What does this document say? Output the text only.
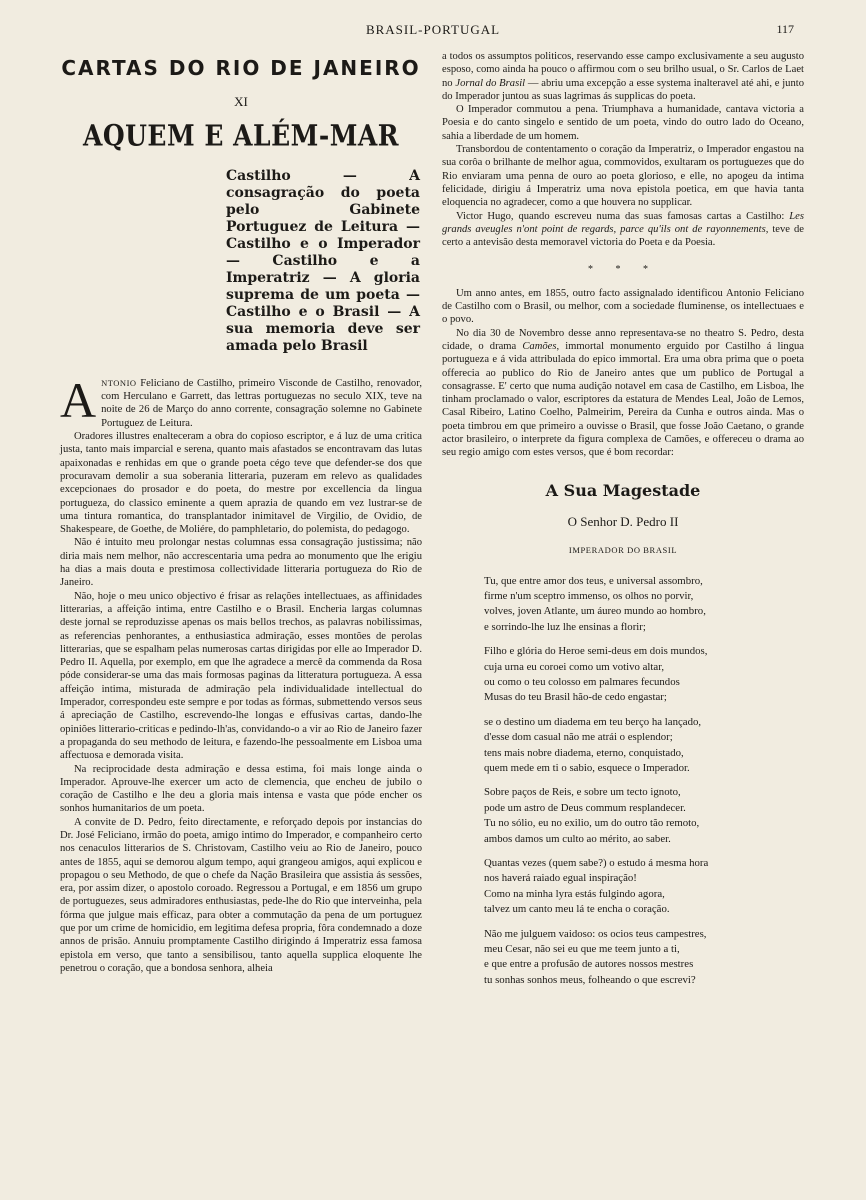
BRASIL-PORTUGAL	117
CARTAS DO RIO DE JANEIRO
XI
AQUEM E ALÉM-MAR
Castilho — A consagração do poeta pelo Gabinete Portuguez de Leitura — Castilho e o Imperador — Castilho e a Imperatriz — A gloria suprema de um poeta — Castilho e o Brasil — A sua memoria deve ser amada pelo Brasil

ANTONIO Feliciano de Castilho, primeiro Visconde de Castilho, renovador, com Herculano e Garrett, das lettras portuguezas no seculo XIX, teve na noite de 26 de Março do anno corrente, consagração solemne no Gabinete Portuguez de Leitura.

Oradores illustres enalteceram a obra do copioso escriptor, e á luz de uma critica justa, tanto mais imparcial e serena, quanto mais afastados se encontravam das lutas apaixonadas e renhidas em que o grande poeta cégo teve que defender-se dos que procuravam demolir a sua soberania litteraria, puzeram em relevo as qualidades excepcionaes do prosador e do poeta, do mestre por excellencia da lingua portugueza, do classico eminente a quem aprazia de quando em vez lustrar-se de uma tintura romantica, do transplantador inimitavel de Virgilio, de Ovidio, de Shakespeare, de Goethe, de Moliére, do pamphletario, do polemista, do pedagogo.

Não é intuito meu prolongar nestas columnas essa consagração justissima; não diria mais nem melhor, não accrescentaria uma pedra ao monumento que lhe erigiu ha dias a mais douta e prestimosa collectividade litteraria portugueza do Rio de Janeiro.

Não, hoje o meu unico objectivo é frisar as relações intellectuaes, as affinidades litterarias, a affeição intima, entre Castilho e o Brasil. Encheria largas columnas deste jornal se reproduzisse apenas os mais bellos trechos, as palavras nobilissimas, as referencias penhorantes, a enthusiastica admiração, esses montões de perolas litterarias, que se espalham pelas numerosas cartas dirigidas por elle ao Imperador D. Pedro II. Aquella, por exemplo, em que lhe agradece a mercê da commenda da Rosa póde considerar-se uma das mais formosas paginas da litteratura portugueza. A essa affeição intima, misturada de admiração pela individualidade intellectual do Imperador, correspondeu este sempre e por todas as fórmas, submettendo versos seus á apreciação de Castilho, escrevendo-lhe longas e effusivas cartas, dando-lhe opiniões litterario-criticas e pedindo-lh'as, convidando-o a vir ao Rio de Janeiro fazer a propaganda do seu methodo de leitura, e fazendo-lhe pessoalmente em Lisboa uma affectuosa e demorada visita.

Na reciprocidade desta admiração e dessa estima, foi mais longe ainda o Imperador. Aprouve-lhe exercer um acto de clemencia, que encheu de jubilo o coração de Castilho e lhe deu a gloria mais intensa e vasta que póde encher os sonhos humanitarios de um poeta.

A convite de D. Pedro, feito directamente, e reforçado depois por instancias do Dr. José Feliciano, irmão do poeta, amigo intimo do Imperador, e companheiro certo nos cenaculos litterarios de S. Christovam, Castilho veiu ao Rio de Janeiro, pouco antes de 1855, aqui se demorou algum tempo, aqui grangeou amigos, aqui explicou e propagou o seu Methodo, de que o chefe da Nação Brasileira que assistia ás sessões, era, por assim dizer, o apostolo coroado. Regressou a Portugal, e em 1856 um grupo de portuguezes, seus admiradores enthusiastas, pede-lhe do Rio que interveinha, pela fórma que julgue mais efficaz, para obter a commutação da pena de um portuguez que por um crime de homicidio, em legitima defesa propria, fôra condemnado a doze annos de prisão. Annuiu promptamente Castilho dirigindo á Imperatriz essa famosa epistola em verso, que tanto a sensibilisou, tanto aquella supplica eloquente lhe penetrou o coração, que a bondosa senhora, alheia

a todos os assumptos politicos, reservando esse campo exclusivamente a seu augusto esposo, como ainda ha pouco o affirmou com o seu brilho usual, o Sr. Carlos de Laet no Jornal do Brasil — abriu uma excepção a esse systema inalteravel até ahi, e junto do Imperador juntou as suas lagrimas ás supplicas do poeta.

O Imperador commutou a pena. Triumphava a humanidade, cantava victoria a Poesia e do canto singelo e sentido de um poeta, vindo do outro lado do Oceano, sahia a liberdade de um homem.

Transbordou de contentamento o coração da Imperatriz, o Imperador engastou na sua corôa o brilhante de melhor agua, commovidos, exultaram os portuguezes que do Rio enviaram uma penna de ouro ao poeta glorioso, e elle, no apogeu da intima felicidade, dirigiu á Imperatriz uma nova epistola poetica, em que havia tanta eloquencia no agradecer, como a que houvera no supplicar.

Victor Hugo, quando escreveu numa das suas famosas cartas a Castilho: Les grands aveugles n'ont point de regards, parce qu'ils ont de rayonnements, teve de certo a antevisão desta memoravel victoria do Poeta e da Poesia.

* * *

Um anno antes, em 1855, outro facto assignalado identificou Antonio Feliciano de Castilho com o Brasil, ou melhor, com a sociedade fluminense, os intellectuaes e o povo.

No dia 30 de Novembro desse anno representava-se no theatro S. Pedro, desta cidade, o drama Camões, immortal monumento erguido por Castilho á lingua portugueza e á vida attribulada do epico immortal. Era uma obra prima que o poeta offerecia ao publico do Rio de Janeiro antes que um publico de Portugal a consagrasse. E' certo que numa audição notavel em casa de Castilho, em Lisboa, lhe tinham proclamado o valor, escriptores da estatura de Mendes Leal, João de Lemos, Casal Ribeiro, Latino Coelho, Palmeirim, Pereira da Cunha e outros ainda. Mas o poeta timbrou em que primeiro a ouvisse o Brasil, que fosse João Caetano, o grande actor brasileiro, o interprete da figura complexa de Camões, e offereceu o drama ao seu regio amigo com estes versos, que é bom recordar:

A Sua Magestade
O Senhor D. Pedro II
IMPERADOR DO BRASIL
Tu, que entre amor dos teus, e universal assombro,
firme n'um sceptro immenso, os olhos no porvir,
volves, joven Atlante, um áureo mundo ao hombro,
e sorrindo-lhe luz lhe ensinas a florir;
Filho e glória do Heroe semi-deus em dois mundos,
cuja urna eu coroei como um votivo altar,
ou como o teu colosso em palmares fecundos
Musas do teu Brasil hão-de cedo engastar;
se o destino um diadema em teu berço ha lançado,
d'esse dom casual não me atrái o esplendor;
tens mais nobre diadema, eterno, conquistado,
quem mede em ti o sabio, esquece o Imperador.
Sobre paços de Reis, e sobre um tecto ignoto,
pode um astro de Deus commum resplandecer.
Tu no sólio, eu no exilio, um do outro tão remoto,
ambos damos um culto ao mérito, ao saber.
Quantas vezes (quem sabe?) o estudo á mesma hora
nos haverá raiado egual inspiração!
Como na minha lyra estás fulgindo agora,
talvez um canto meu lá te encha o coração.
Não me julguem vaidoso: os ocios teus campestres,
meu Cesar, não sei eu que me teem junto a ti,
e que entre a profusão de autores nossos mestres
tu sonhas sonhos meus, folheando o que escrevi?
